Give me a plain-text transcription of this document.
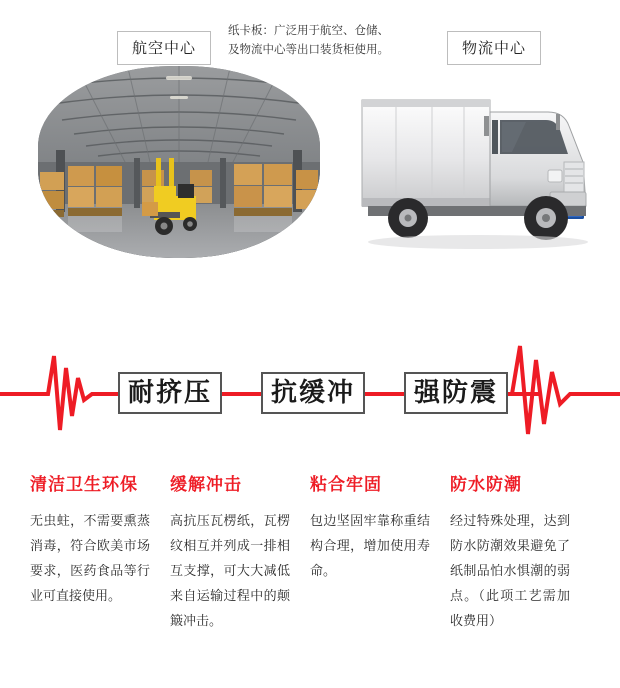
航空中心	物流中心
纸卡板：广泛用于航空、仓储、及物流中心等出口装货柜使用。
耐挤压	抗缓冲	强防震
清洁卫生环保
无虫蛀，不需要熏蒸消毒，符合欧美市场要求，医药食品等行业可直接使用。
缓解冲击
高抗压瓦楞纸，瓦楞纹相互并列成一排相互支撑，可大大减低来自运输过程中的颠簸冲击。
粘合牢固
包边坚固牢靠称重结构合理，增加使用寿命。
防水防潮
经过特殊处理，达到防水防潮效果避免了纸制品怕水惧潮的弱点。（此项工艺需加收费用）
